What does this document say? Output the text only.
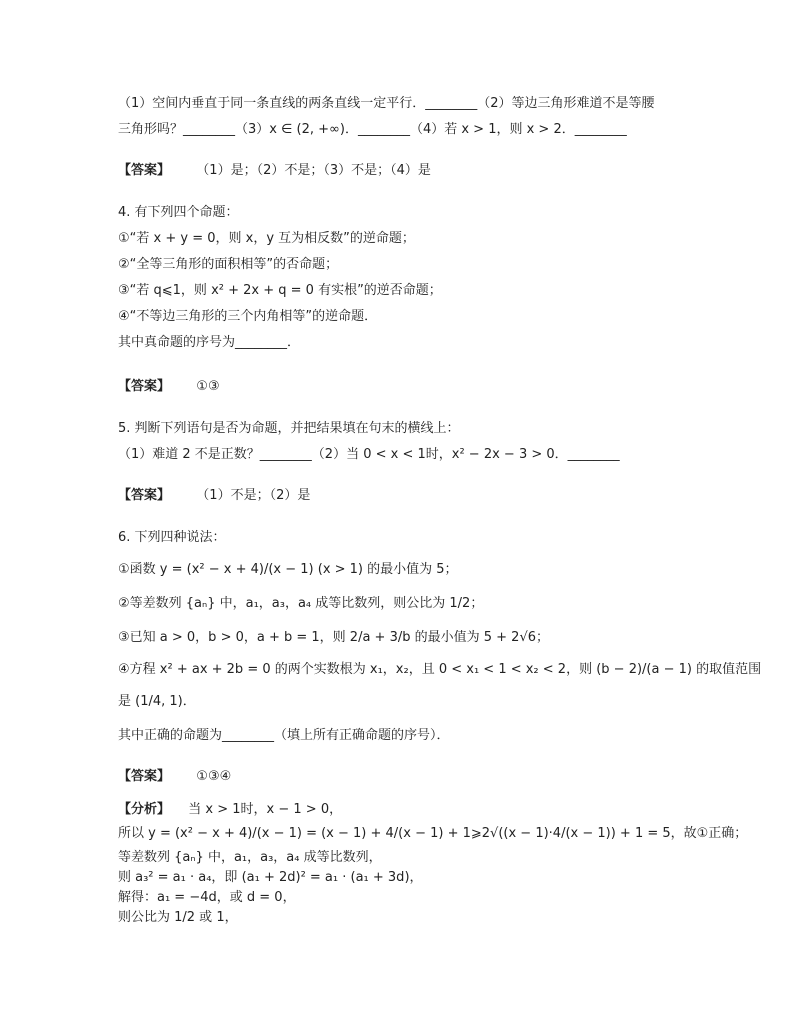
（1）空间内垂直于同一条直线的两条直线一定平行．________（2）等边三角形难道不是等腰
三角形吗？________（3）x ∈ (2, +∞)．________（4）若 x > 1，则 x > 2．________
【答案】 （1）是；（2）不是；（3）不是；（4）是
4. 有下列四个命题：
①“若 x + y = 0，则 x，y 互为相反数”的逆命题；
②“全等三角形的面积相等”的否命题；
③“若 q⩽1，则 x² + 2x + q = 0 有实根”的逆否命题；
④“不等边三角形的三个内角相等”的逆命题．
其中真命题的序号为________．
【答案】 ①③
5. 判断下列语句是否为命题，并把结果填在句末的横线上：
（1）难道 2 不是正数？________（2）当 0 < x < 1时，x² − 2x − 3 > 0．________
【答案】 （1）不是；（2）是
6. 下列四种说法：
①函数 y = (x² − x + 4)/(x − 1) (x > 1) 的最小值为 5；
②等差数列 {aₙ} 中，a₁，a₃，a₄ 成等比数列，则公比为 1/2；
③已知 a > 0，b > 0，a + b = 1，则 2/a + 3/b 的最小值为 5 + 2√6；
④方程 x² + ax + 2b = 0 的两个实数根为 x₁，x₂，且 0 < x₁ < 1 < x₂ < 2，则 (b − 2)/(a − 1) 的取值范围
是 (1/4, 1)．
其中正确的命题为________（填上所有正确命题的序号）．
【答案】 ①③④
【分析】 当 x > 1时，x − 1 > 0，
所以 y = (x² − x + 4)/(x − 1) = (x − 1) + 4/(x − 1) + 1⩾2√((x − 1)·4/(x − 1)) + 1 = 5，故①正确；
等差数列 {aₙ} 中，a₁，a₃，a₄ 成等比数列，
则 a₃² = a₁ · a₄，即 (a₁ + 2d)² = a₁ · (a₁ + 3d)，
解得：a₁ = −4d，或 d = 0，
则公比为 1/2 或 1，
